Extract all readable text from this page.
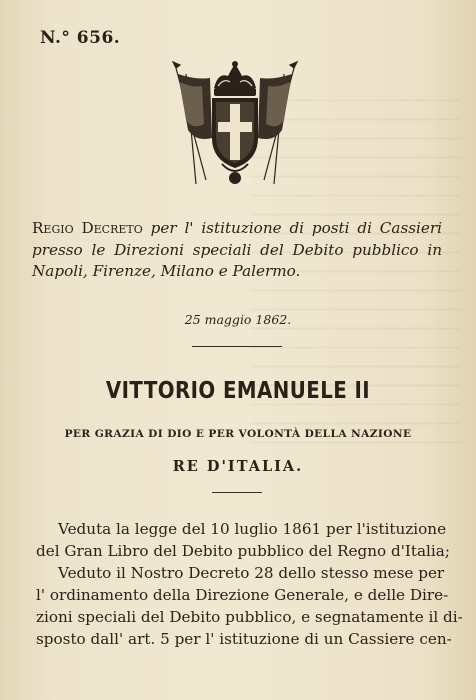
N.° 656.
Regio Decreto per l' istituzione di posti di Cassieri
presso le Direzioni speciali del Debito pubblico in
Napoli, Firenze, Milano e Palermo.
25 maggio 1862.
VITTORIO EMANUELE II
PER GRAZIA DI DIO E PER VOLONTÀ DELLA NAZIONE
RE D'ITALIA.
Veduta la legge del 10 luglio 1861 per l'istituzione
del Gran Libro del Debito pubblico del Regno d'Italia;
Veduto il Nostro Decreto 28 dello stesso mese per
l' ordinamento della Direzione Generale, e delle Dire-
zioni speciali del Debito pubblico, e segnatamente il di-
sposto dall' art. 5 per l' istituzione di un Cassiere cen-
